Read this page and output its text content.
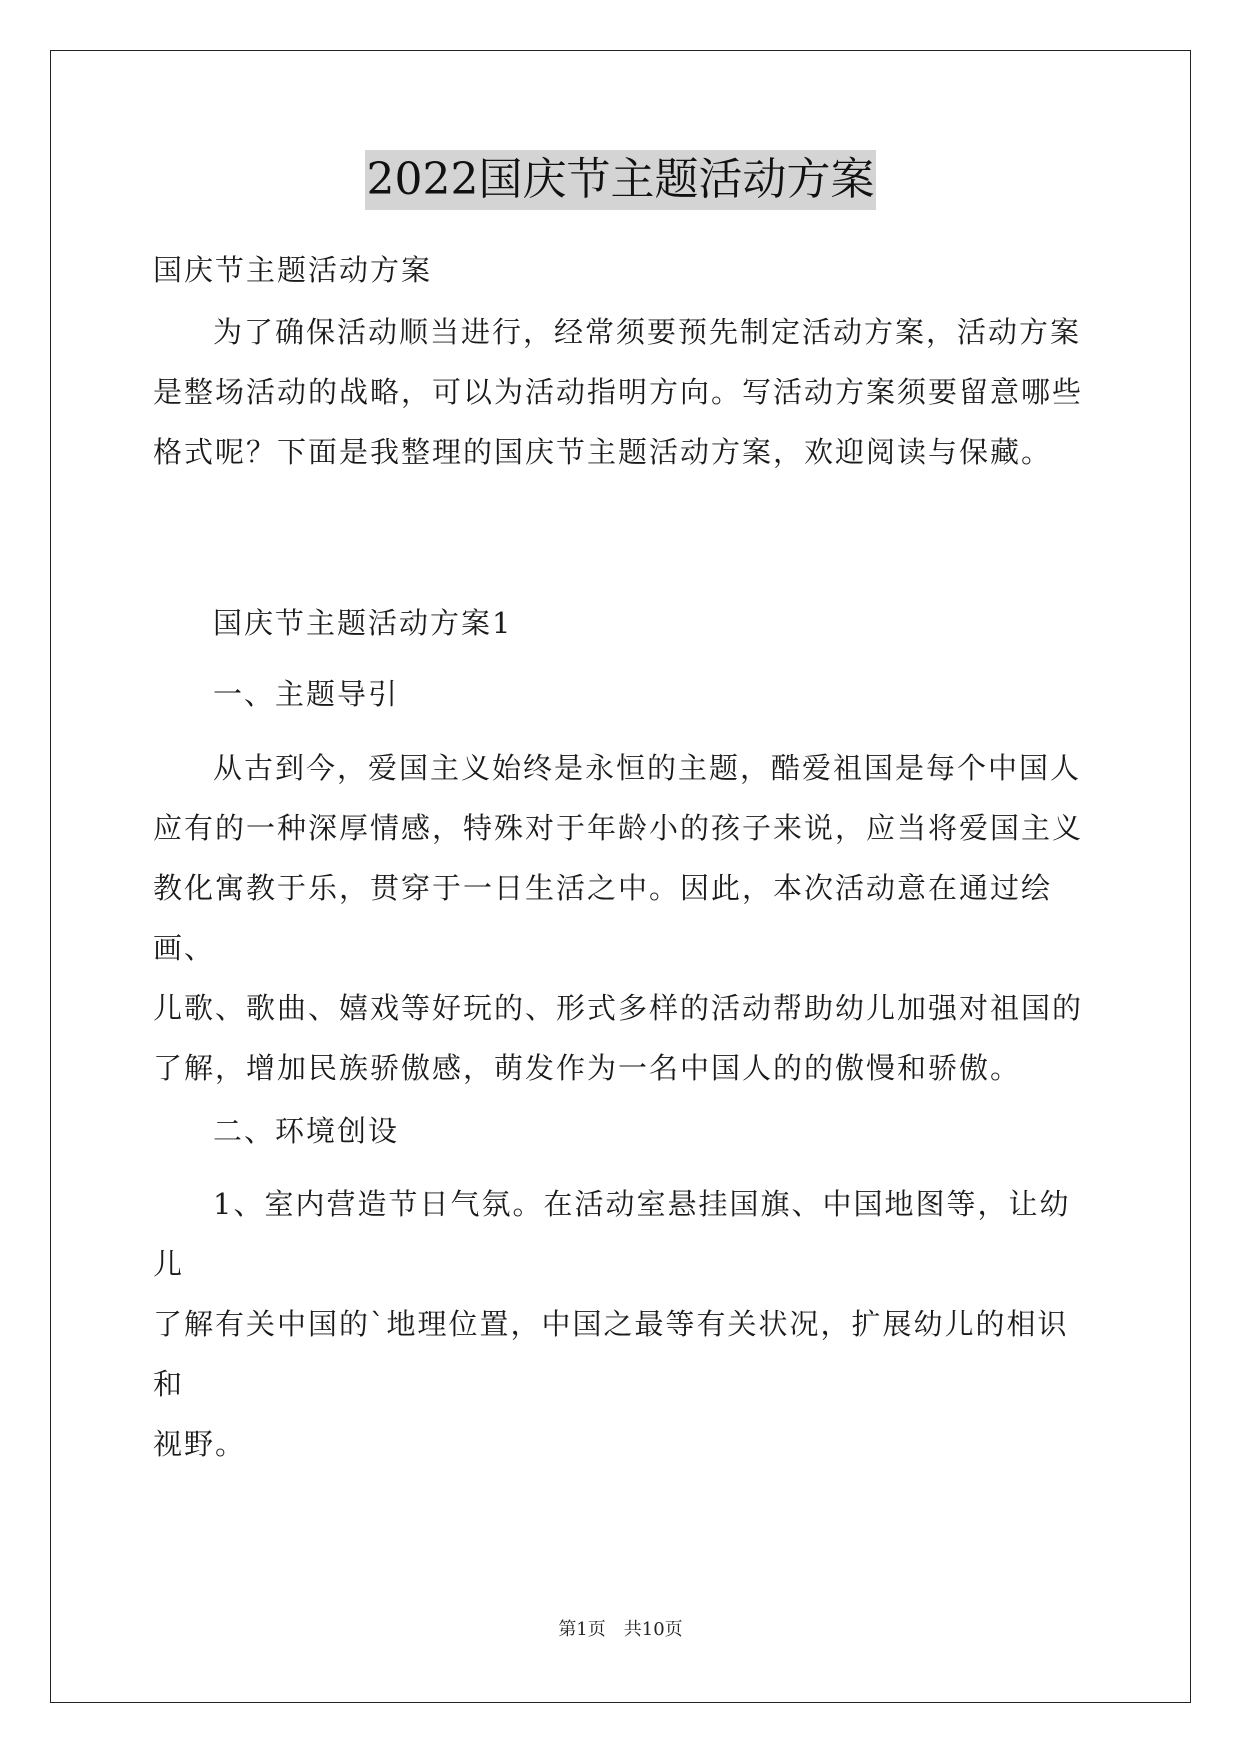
2022国庆节主题活动方案

国庆节主题活动方案

为了确保活动顺当进行，经常须要预先制定活动方案，活动方案
是整场活动的战略，可以为活动指明方向。写活动方案须要留意哪些
格式呢？下面是我整理的国庆节主题活动方案，欢迎阅读与保藏。

国庆节主题活动方案1

一、主题导引

从古到今，爱国主义始终是永恒的主题，酷爱祖国是每个中国人
应有的一种深厚情感，特殊对于年龄小的孩子来说，应当将爱国主义
教化寓教于乐，贯穿于一日生活之中。因此，本次活动意在通过绘画、
儿歌、歌曲、嬉戏等好玩的、形式多样的活动帮助幼儿加强对祖国的
了解，增加民族骄傲感，萌发作为一名中国人的的傲慢和骄傲。

二、环境创设

1、室内营造节日气氛。在活动室悬挂国旗、中国地图等，让幼儿
了解有关中国的`地理位置，中国之最等有关状况，扩展幼儿的相识和
视野。

第1页　共10页
